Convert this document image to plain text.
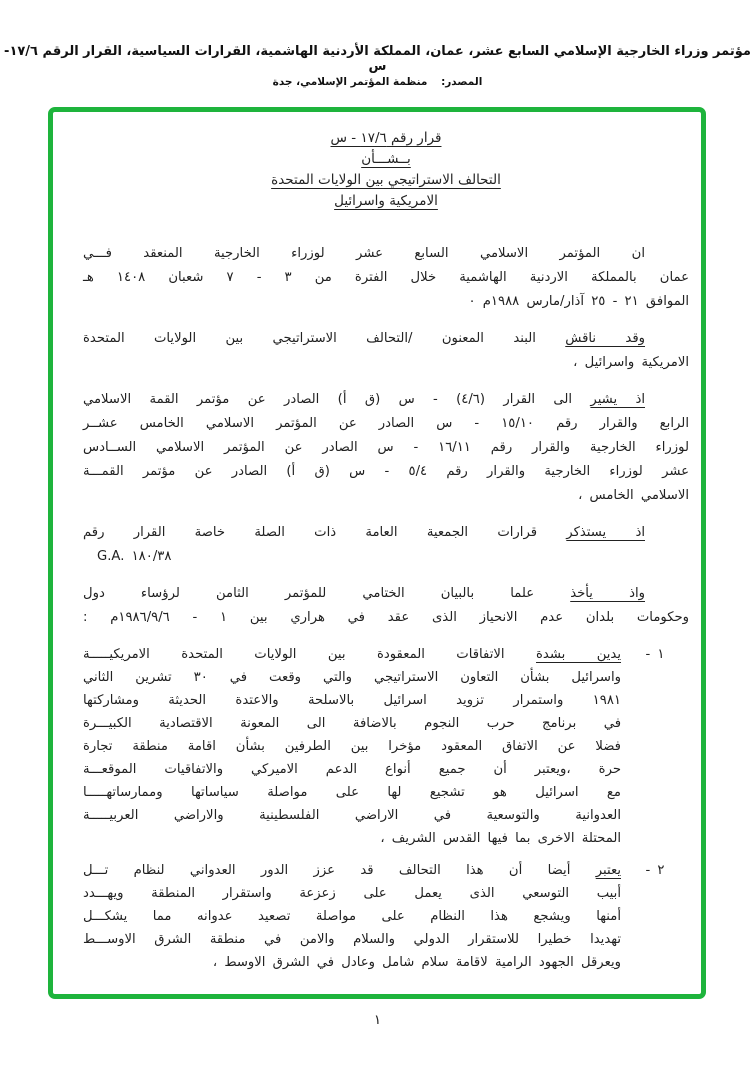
مؤتمر وزراء الخارجية الإسلامي السابع عشر، عمان، المملكة الأردنية الهاشمية، القرارات السياسية، القرار الرقم ١٧/٦-س
المصدر: منظمة المؤتمر الإسلامي، جدة
قرار رقم ١٧/٦ - س
بــشـــأن
التحالف الاستراتيجي بين الولايات المتحدة
الامريكية واسرائيل
ان المؤتمر الاسلامي السابع عشر لوزراء الخارجية المنعقد فـــي
عمان بالمملكة الاردنية الهاشمية خلال الفترة من ٣ - ٧ شعبان ١٤٠٨ هـ
الموافق ٢١ - ٢٥ آذار/مارس ١٩٨٨م ٠
وقد ناقش البند المعنون /التحالف الاستراتيجي بين الولايات المتحدة
الامريكية واسرائيل ،
اذ يشير الى القرار (٤/٦) - س (ق أ) الصادر عن مؤتمر القمة الاسلامي
الرابع والقرار رقم ١٥/١٠ - س الصادر عن المؤتمر الاسلامي الخامس عشــر
لوزراء الخارجية والقرار رقم ١٦/١١ - س الصادر عن المؤتمر الاسلامي الســادس
عشر لوزراء الخارجية والقرار رقم ٥/٤ - س (ق أ) الصادر عن مؤتمر القمـــة
الاسلامي الخامس ،
اذ يستذكر قرارات الجمعية العامة ذات الصلة خاصة القرار رقم
G.A. ١٨٠/٣٨
واذ يأخذ علما بالبيان الختامي للمؤتمر الثامن لرؤساء دول
وحكومات بلدان عدم الانحياز الذى عقد في هراري بين ١ - ١٩٨٦/٩/٦م :
١ -
يدين بشدة الاتفاقات المعقودة بين الولايات المتحدة الامريكيـــــة
واسرائيل بشأن التعاون الاستراتيجي والتي وقعت في ٣٠ تشرين الثاني
١٩٨١ واستمرار تزويد اسرائيل بالاسلحة والاعتدة الحديثة ومشاركتها
في برنامج حرب النجوم بالاضافة الى المعونة الاقتصادية الكبيـــرة
فضلا عن الاتفاق المعقود مؤخرا بين الطرفين بشأن اقامة منطقة تجارة
حرة ،ويعتبر أن جميع أنواع الدعم الاميركي والاتفاقيات الموقعـــة
مع اسرائيل هو تشجيع لها على مواصلة سياساتها وممارساتهـــــا
العدوانية والتوسعية في الاراضي الفلسطينية والاراضي العربيـــــة
المحتلة الاخرى بما فيها القدس الشريف ،
٢ -
يعتبر أيضا أن هذا التحالف قد عزز الدور العدواني لنظام تـــل
أبيب التوسعي الذى يعمل على زعزعة واستقرار المنطقة ويهـــدد
أمنها ويشجع هذا النظام على مواصلة تصعيد عدوانه مما يشكـــل
تهديدا خطيرا للاستقرار الدولي والسلام والامن في منطقة الشرق الاوســـط
ويعرقل الجهود الرامية لاقامة سلام شامل وعادل في الشرق الاوسط ،
١
